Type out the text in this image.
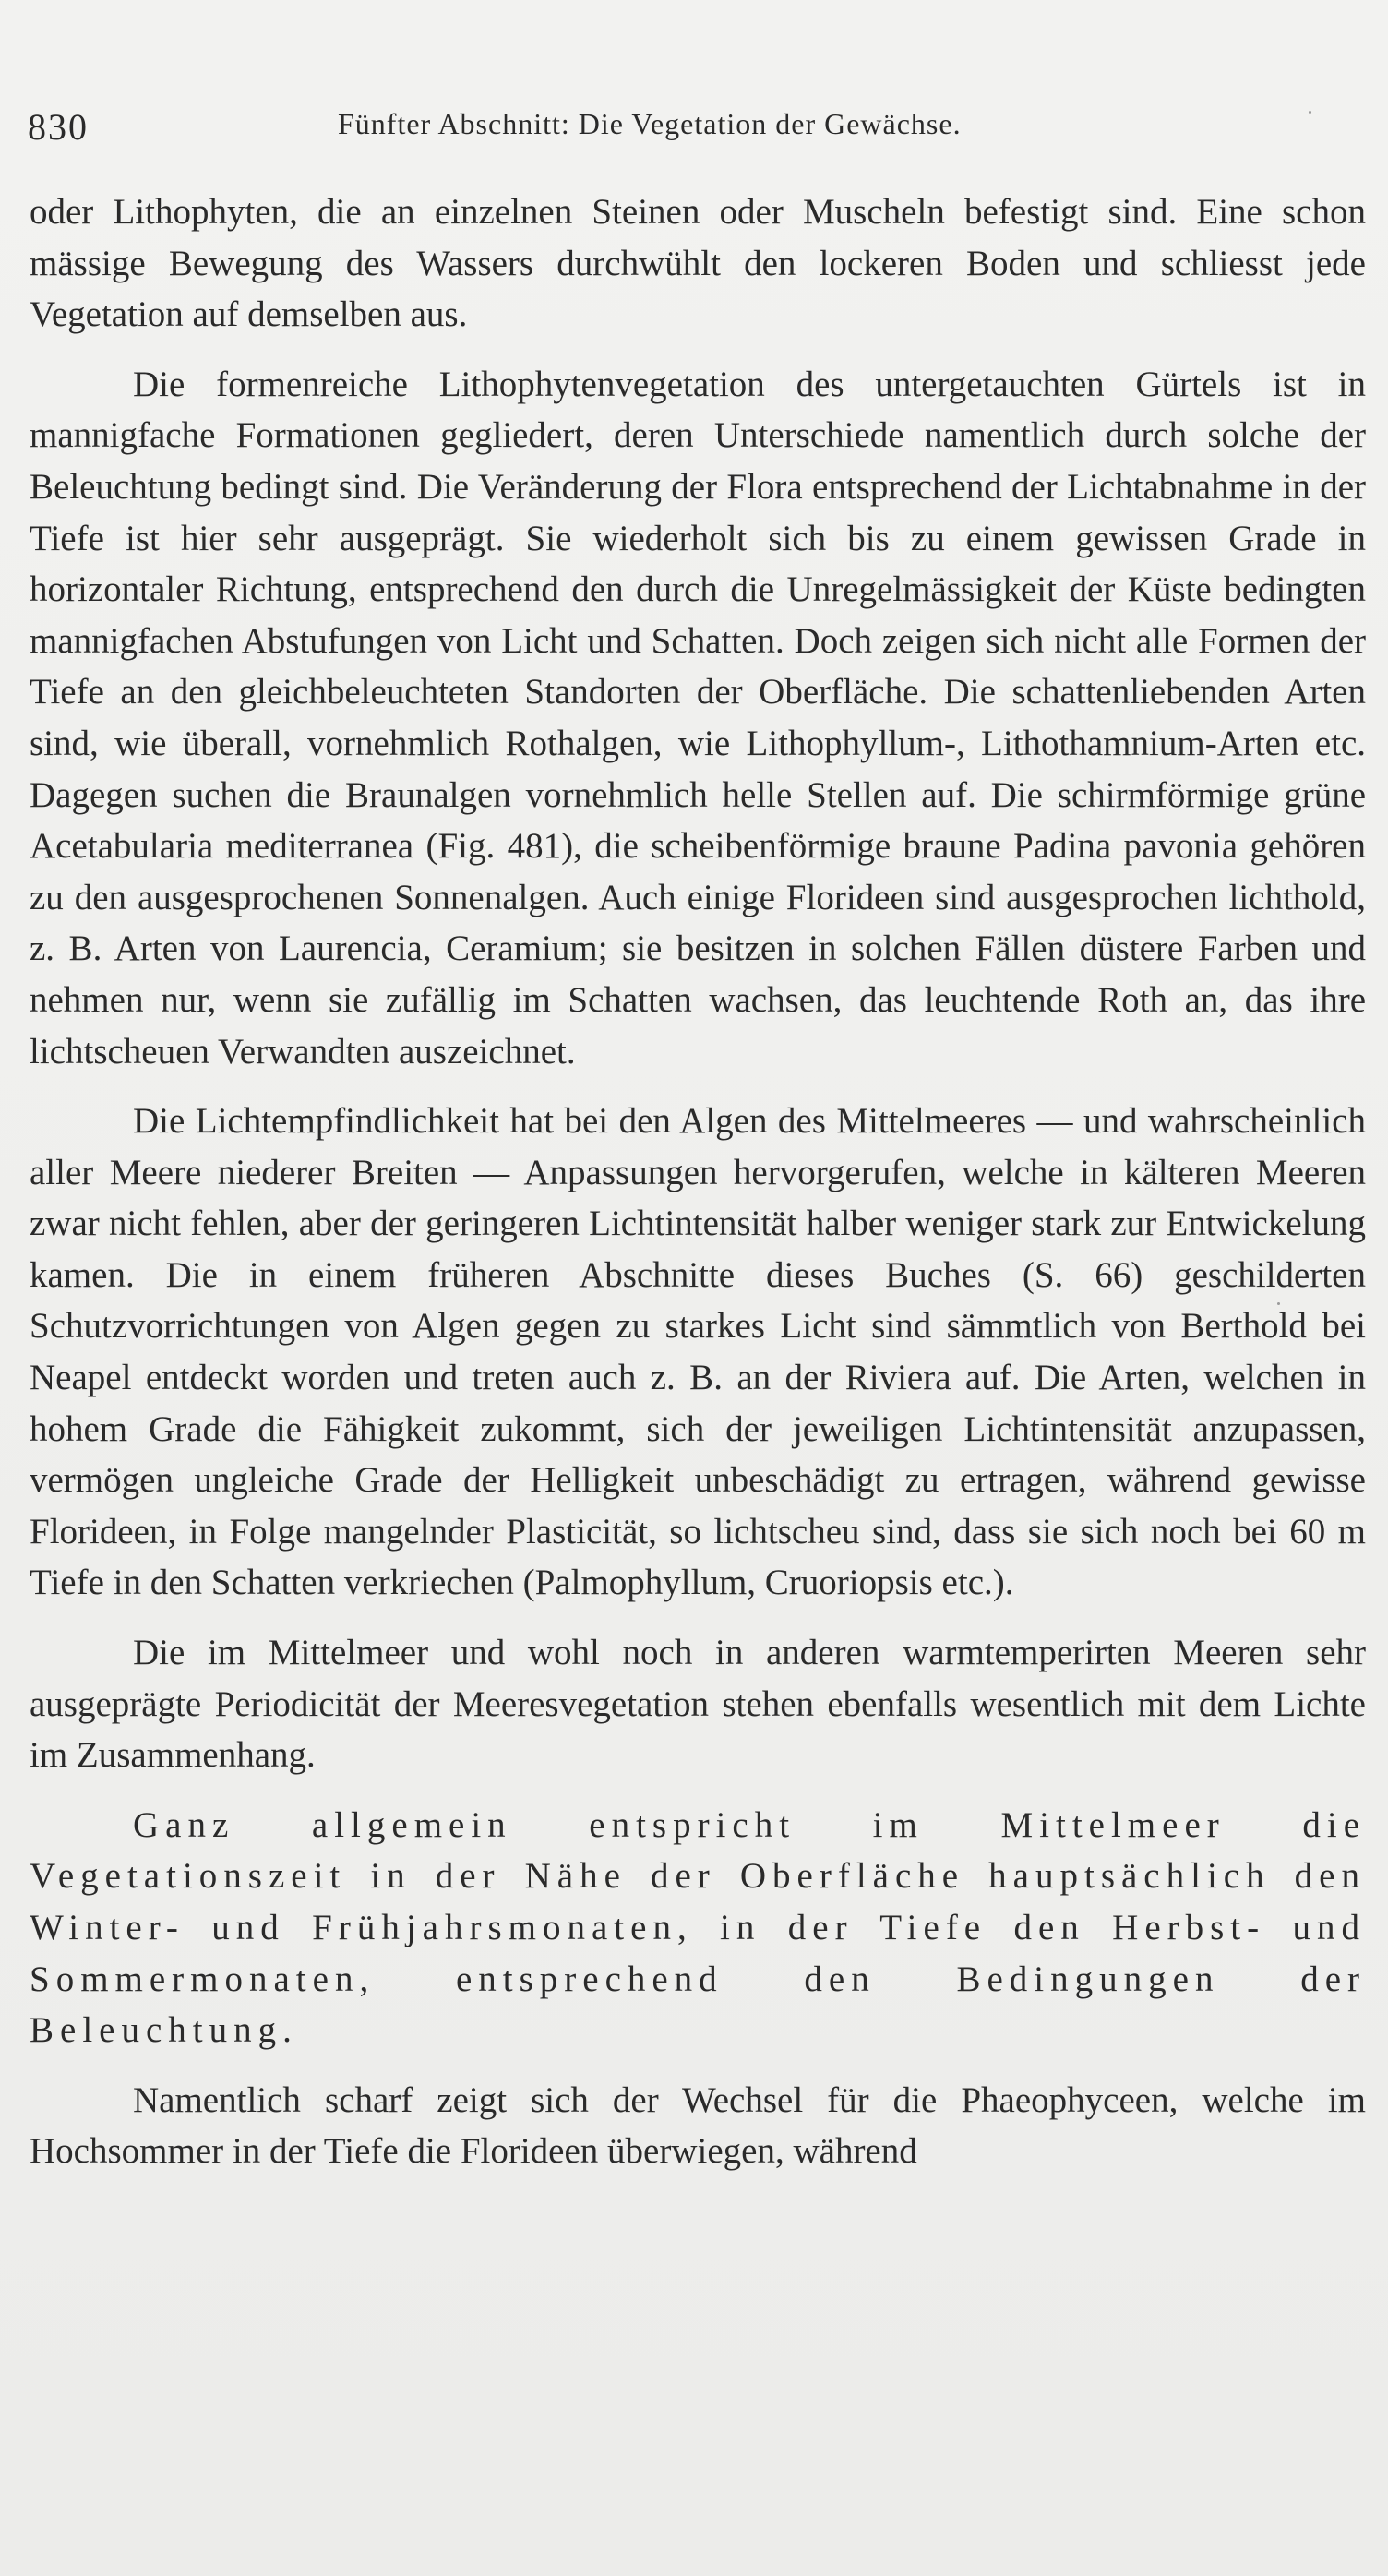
830	Fünfter Abschnitt: Die Vegetation der Gewächse.

oder Lithophyten, die an einzelnen Steinen oder Muscheln befestigt sind. Eine schon mässige Bewegung des Wassers durchwühlt den lockeren Boden und schliesst jede Vegetation auf demselben aus.

Die formenreiche Lithophytenvegetation des untergetauchten Gürtels ist in mannigfache Formationen gegliedert, deren Unterschiede namentlich durch solche der Beleuchtung bedingt sind. Die Veränderung der Flora entsprechend der Lichtabnahme in der Tiefe ist hier sehr ausgeprägt. Sie wiederholt sich bis zu einem gewissen Grade in horizontaler Richtung, entsprechend den durch die Unregelmässigkeit der Küste bedingten mannigfachen Abstufungen von Licht und Schatten. Doch zeigen sich nicht alle Formen der Tiefe an den gleichbeleuchteten Standorten der Oberfläche. Die schattenliebenden Arten sind, wie überall, vornehmlich Rothalgen, wie Lithophyllum-, Lithothamnium-Arten etc. Dagegen suchen die Braunalgen vornehmlich helle Stellen auf. Die schirmförmige grüne Acetabularia mediterranea (Fig. 481), die scheibenförmige braune Padina pavonia gehören zu den ausgesprochenen Sonnenalgen. Auch einige Florideen sind ausgesprochen lichthold, z. B. Arten von Laurencia, Ceramium; sie besitzen in solchen Fällen düstere Farben und nehmen nur, wenn sie zufällig im Schatten wachsen, das leuchtende Roth an, das ihre lichtscheuen Verwandten auszeichnet.

Die Lichtempfindlichkeit hat bei den Algen des Mittelmeeres — und wahrscheinlich aller Meere niederer Breiten — Anpassungen hervorgerufen, welche in kälteren Meeren zwar nicht fehlen, aber der geringeren Lichtintensität halber weniger stark zur Entwickelung kamen. Die in einem früheren Abschnitte dieses Buches (S. 66) geschilderten Schutzvorrichtungen von Algen gegen zu starkes Licht sind sämmtlich von Berthold bei Neapel entdeckt worden und treten auch z. B. an der Riviera auf. Die Arten, welchen in hohem Grade die Fähigkeit zukommt, sich der jeweiligen Lichtintensität anzupassen, vermögen ungleiche Grade der Helligkeit unbeschädigt zu ertragen, während gewisse Florideen, in Folge mangelnder Plasticität, so lichtscheu sind, dass sie sich noch bei 60 m Tiefe in den Schatten verkriechen (Palmophyllum, Cruoriopsis etc.).

Die im Mittelmeer und wohl noch in anderen warmtemperirten Meeren sehr ausgeprägte Periodicität der Meeresvegetation stehen ebenfalls wesentlich mit dem Lichte im Zusammenhang.

Ganz allgemein entspricht im Mittelmeer die Vegetationszeit in der Nähe der Oberfläche hauptsächlich den Winter- und Frühjahrsmonaten, in der Tiefe den Herbst- und Sommermonaten, entsprechend den Bedingungen der Beleuchtung.

Namentlich scharf zeigt sich der Wechsel für die Phaeophyceen, welche im Hochsommer in der Tiefe die Florideen überwiegen, während
